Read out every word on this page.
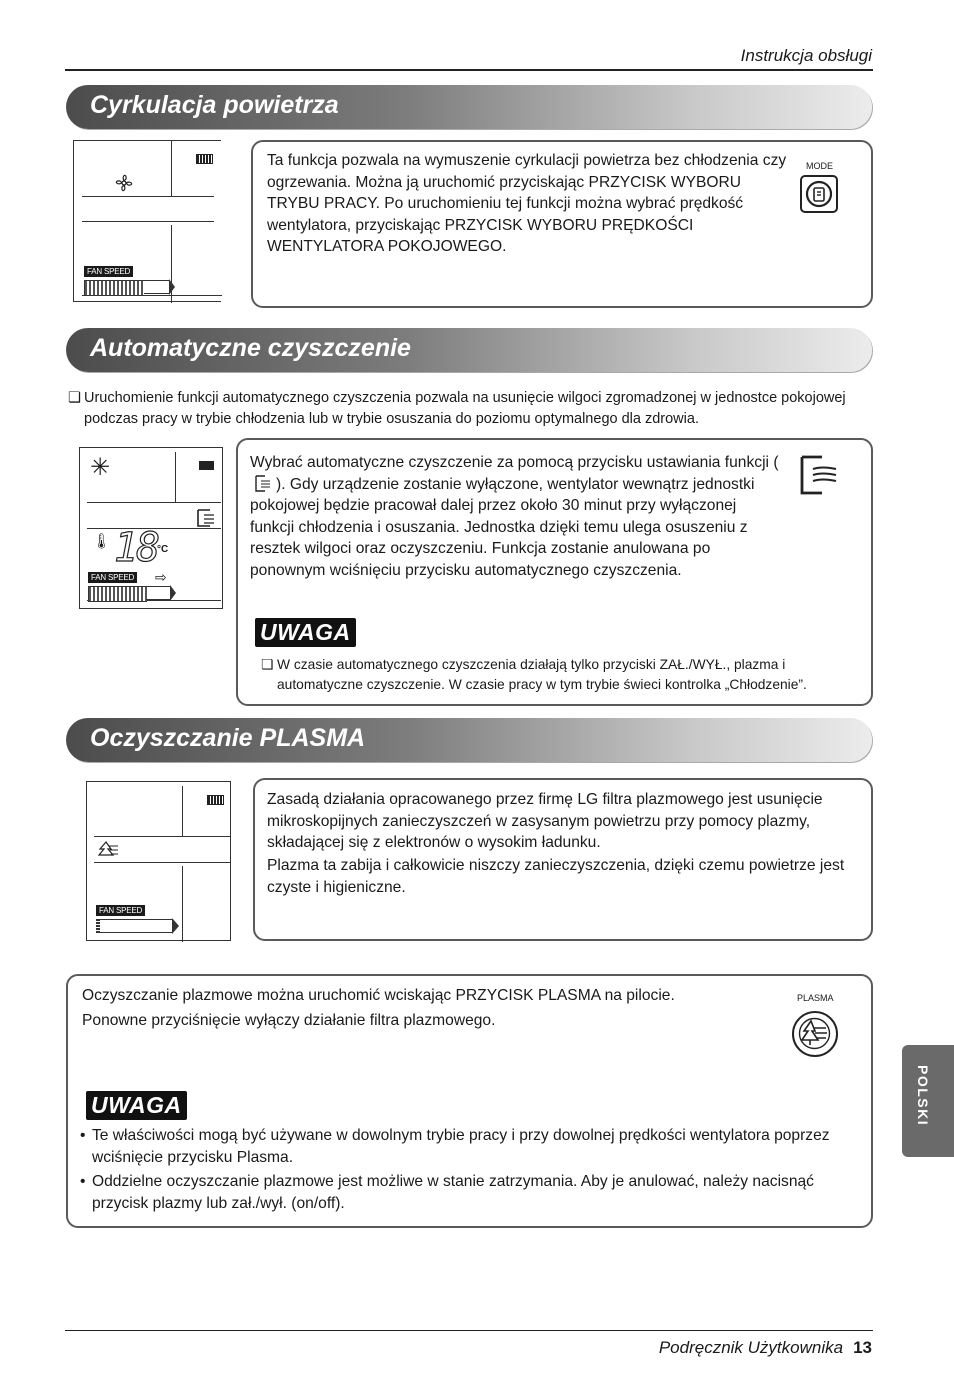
Instrukcja obsługi
Cyrkulacja powietrza
FAN SPEED

Ta funkcja pozwala na wymuszenie cyrkulacji powietrza bez chłodzenia czy ogrzewania. Można ją uruchomić przyciskając PRZYCISK WYBORU TRYBU PRACY. Po uruchomieniu tej funkcji można wybrać prędkość wentylatora, przyciskając PRZYCISK WYBORU PRĘDKOŚCI WENTYLATORA POKOJOWEGO.

MODE
Automatyczne czyszczenie
❏ Uruchomienie funkcji automatycznego czyszczenia pozwala na usunięcie wilgoci zgromadzonej w jednostce pokojowej podczas pracy w trybie chłodzenia lub w trybie osuszania do poziomu optymalnego dla zdrowia.
✳
🌡 18
°C
FAN SPEED ⇨

Wybrać automatyczne czyszczenie za pomocą przycisku ustawiania funkcji (). Gdy urządzenie zostanie wyłączone, wentylator wewnątrz jednostki pokojowej będzie pracował dalej przez około 30 minut przy wyłączonej funkcji chłodzenia i osuszania. Jednostka dzięki temu ulega osuszeniu z resztek wilgoci oraz oczyszczeniu. Funkcja zostanie anulowana po ponownym wciśnięciu przycisku automatycznego czyszczenia.

UWAGA
❏ W czasie automatycznego czyszczenia działają tylko przyciski ZAŁ./WYŁ., plazma i automatyczne czyszczenie. W czasie pracy w tym trybie świeci kontrolka „Chłodzenie”.
Oczyszczanie PLASMA
FAN SPEED

Zasadą działania opracowanego przez firmę LG filtra plazmowego jest usunięcie mikroskopijnych zanieczyszczeń w zasysanym powietrzu przy pomocy plazmy, składającej się z elektronów o wysokim ładunku.

Plazma ta zabija i całkowicie niszczy zanieczyszczenia, dzięki czemu powietrze jest czyste i higieniczne.

Oczyszczanie plazmowe można uruchomić wciskając PRZYCISK PLASMA na pilocie.

Ponowne przyciśnięcie wyłączy działanie filtra plazmowego.

PLASMA
UWAGA
• Te właściwości mogą być używane w dowolnym trybie pracy i przy dowolnej prędkości wentylatora poprzez wciśnięcie przycisku Plasma.
• Oddzielne oczyszczanie plazmowe jest możliwe w stanie zatrzymania. Aby je anulować, należy nacisnąć przycisk plazmy lub zał./wył. (on/off).
POLSKI
Podręcznik Użytkownika 13
